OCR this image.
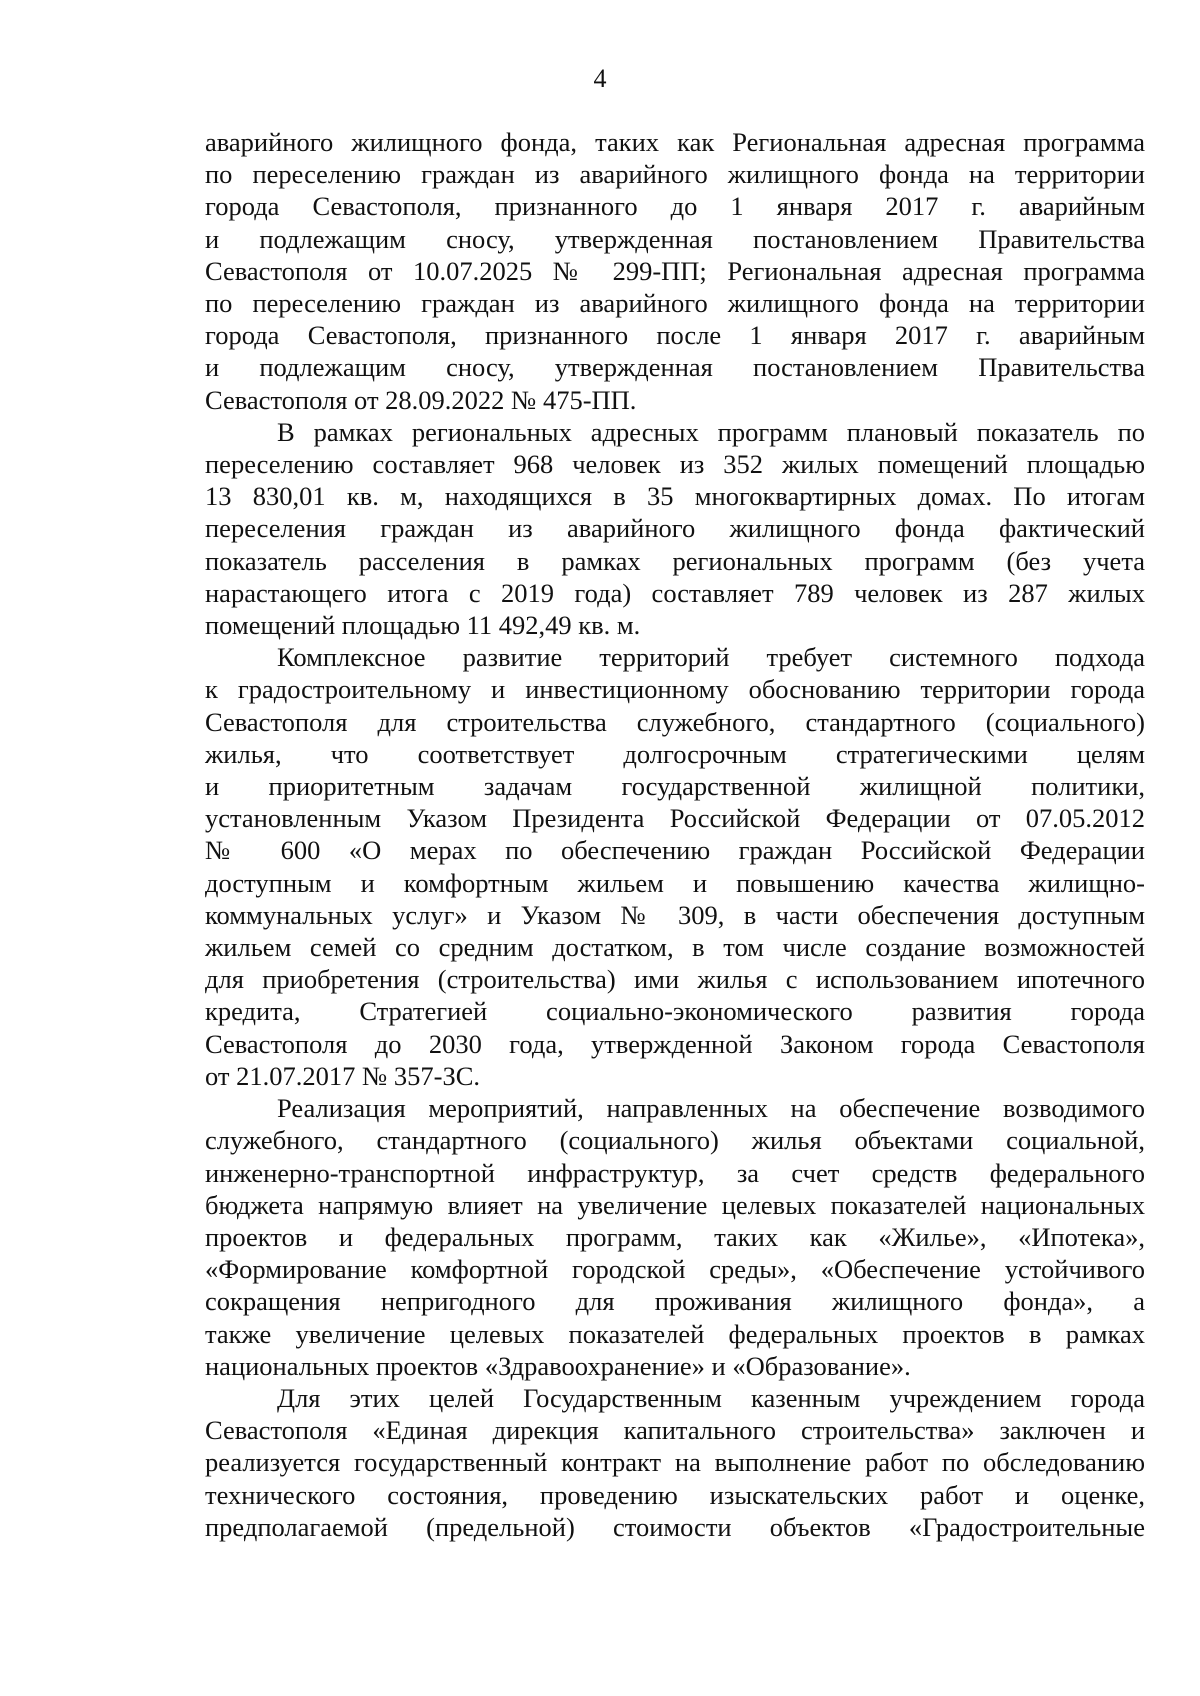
4
аварийного жилищного фонда, таких как Региональная адресная программа
по переселению граждан из аварийного жилищного фонда на территории
города Севастополя, признанного до 1 января 2017 г. аварийным
и подлежащим сносу, утвержденная постановлением Правительства
Севастополя от 10.07.2025 № 299-ПП; Региональная адресная программа
по переселению граждан из аварийного жилищного фонда на территории
города Севастополя, признанного после 1 января 2017 г. аварийным
и подлежащим сносу, утвержденная постановлением Правительства
Севастополя от 28.09.2022 № 475-ПП.
В рамках региональных адресных программ плановый показатель по
переселению составляет 968 человек из 352 жилых помещений площадью
13 830,01 кв. м, находящихся в 35 многоквартирных домах. По итогам
переселения граждан из аварийного жилищного фонда фактический
показатель расселения в рамках региональных программ (без учета
нарастающего итога с 2019 года) составляет 789 человек из 287 жилых
помещений площадью 11 492,49 кв. м.
Комплексное развитие территорий требует системного подхода
к градостроительному и инвестиционному обоснованию территории города
Севастополя для строительства служебного, стандартного (социального)
жилья, что соответствует долгосрочным стратегическими целям
и приоритетным задачам государственной жилищной политики,
установленным Указом Президента Российской Федерации от 07.05.2012
№ 600 «О мерах по обеспечению граждан Российской Федерации
доступным и комфортным жильем и повышению качества жилищно-
коммунальных услуг» и Указом № 309, в части обеспечения доступным
жильем семей со средним достатком, в том числе создание возможностей
для приобретения (строительства) ими жилья с использованием ипотечного
кредита, Стратегией социально-экономического развития города
Севастополя до 2030 года, утвержденной Законом города Севастополя
от 21.07.2017 № 357-ЗС.
Реализация мероприятий, направленных на обеспечение возводимого
служебного, стандартного (социального) жилья объектами социальной,
инженерно-транспортной инфраструктур, за счет средств федерального
бюджета напрямую влияет на увеличение целевых показателей национальных
проектов и федеральных программ, таких как «Жилье», «Ипотека»,
«Формирование комфортной городской среды», «Обеспечение устойчивого
сокращения непригодного для проживания жилищного фонда», а
также увеличение целевых показателей федеральных проектов в рамках
национальных проектов «Здравоохранение» и «Образование».
Для этих целей Государственным казенным учреждением города
Севастополя «Единая дирекция капитального строительства» заключен и
реализуется государственный контракт на выполнение работ по обследованию
технического состояния, проведению изыскательских работ и оценке,
предполагаемой (предельной) стоимости объектов «Градостроительные
